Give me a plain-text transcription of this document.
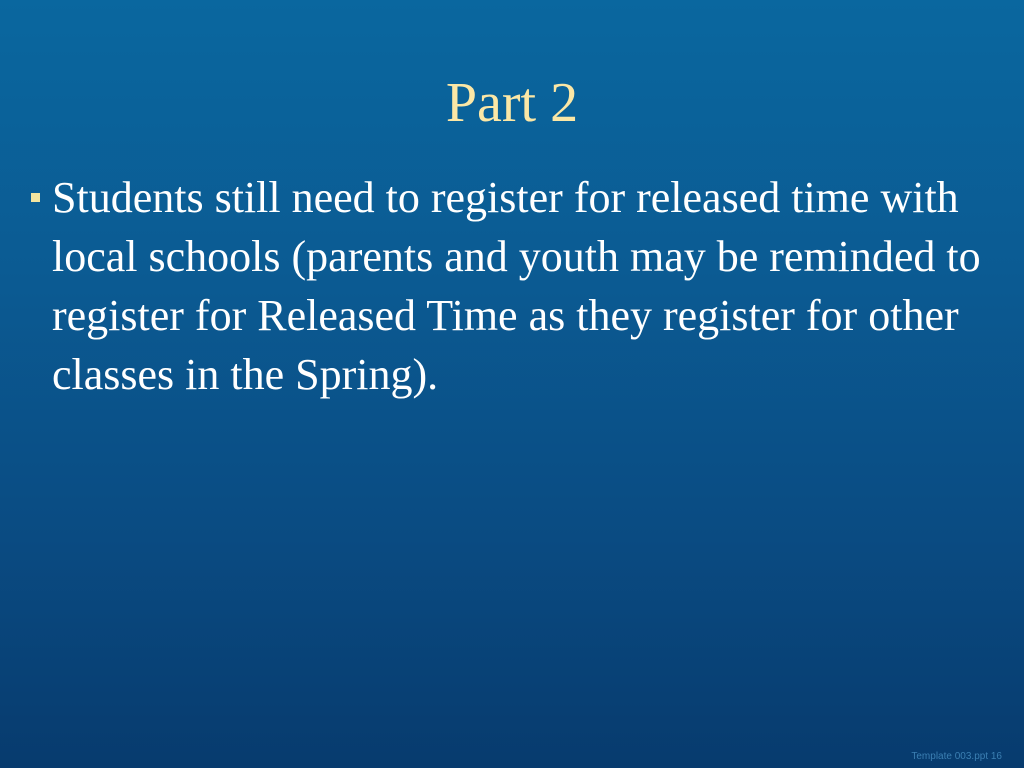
Part 2
Students still need to register for released time with local schools (parents and youth may be reminded to register for Released Time as they register for other classes in the Spring).
Template 003.ppt 16
